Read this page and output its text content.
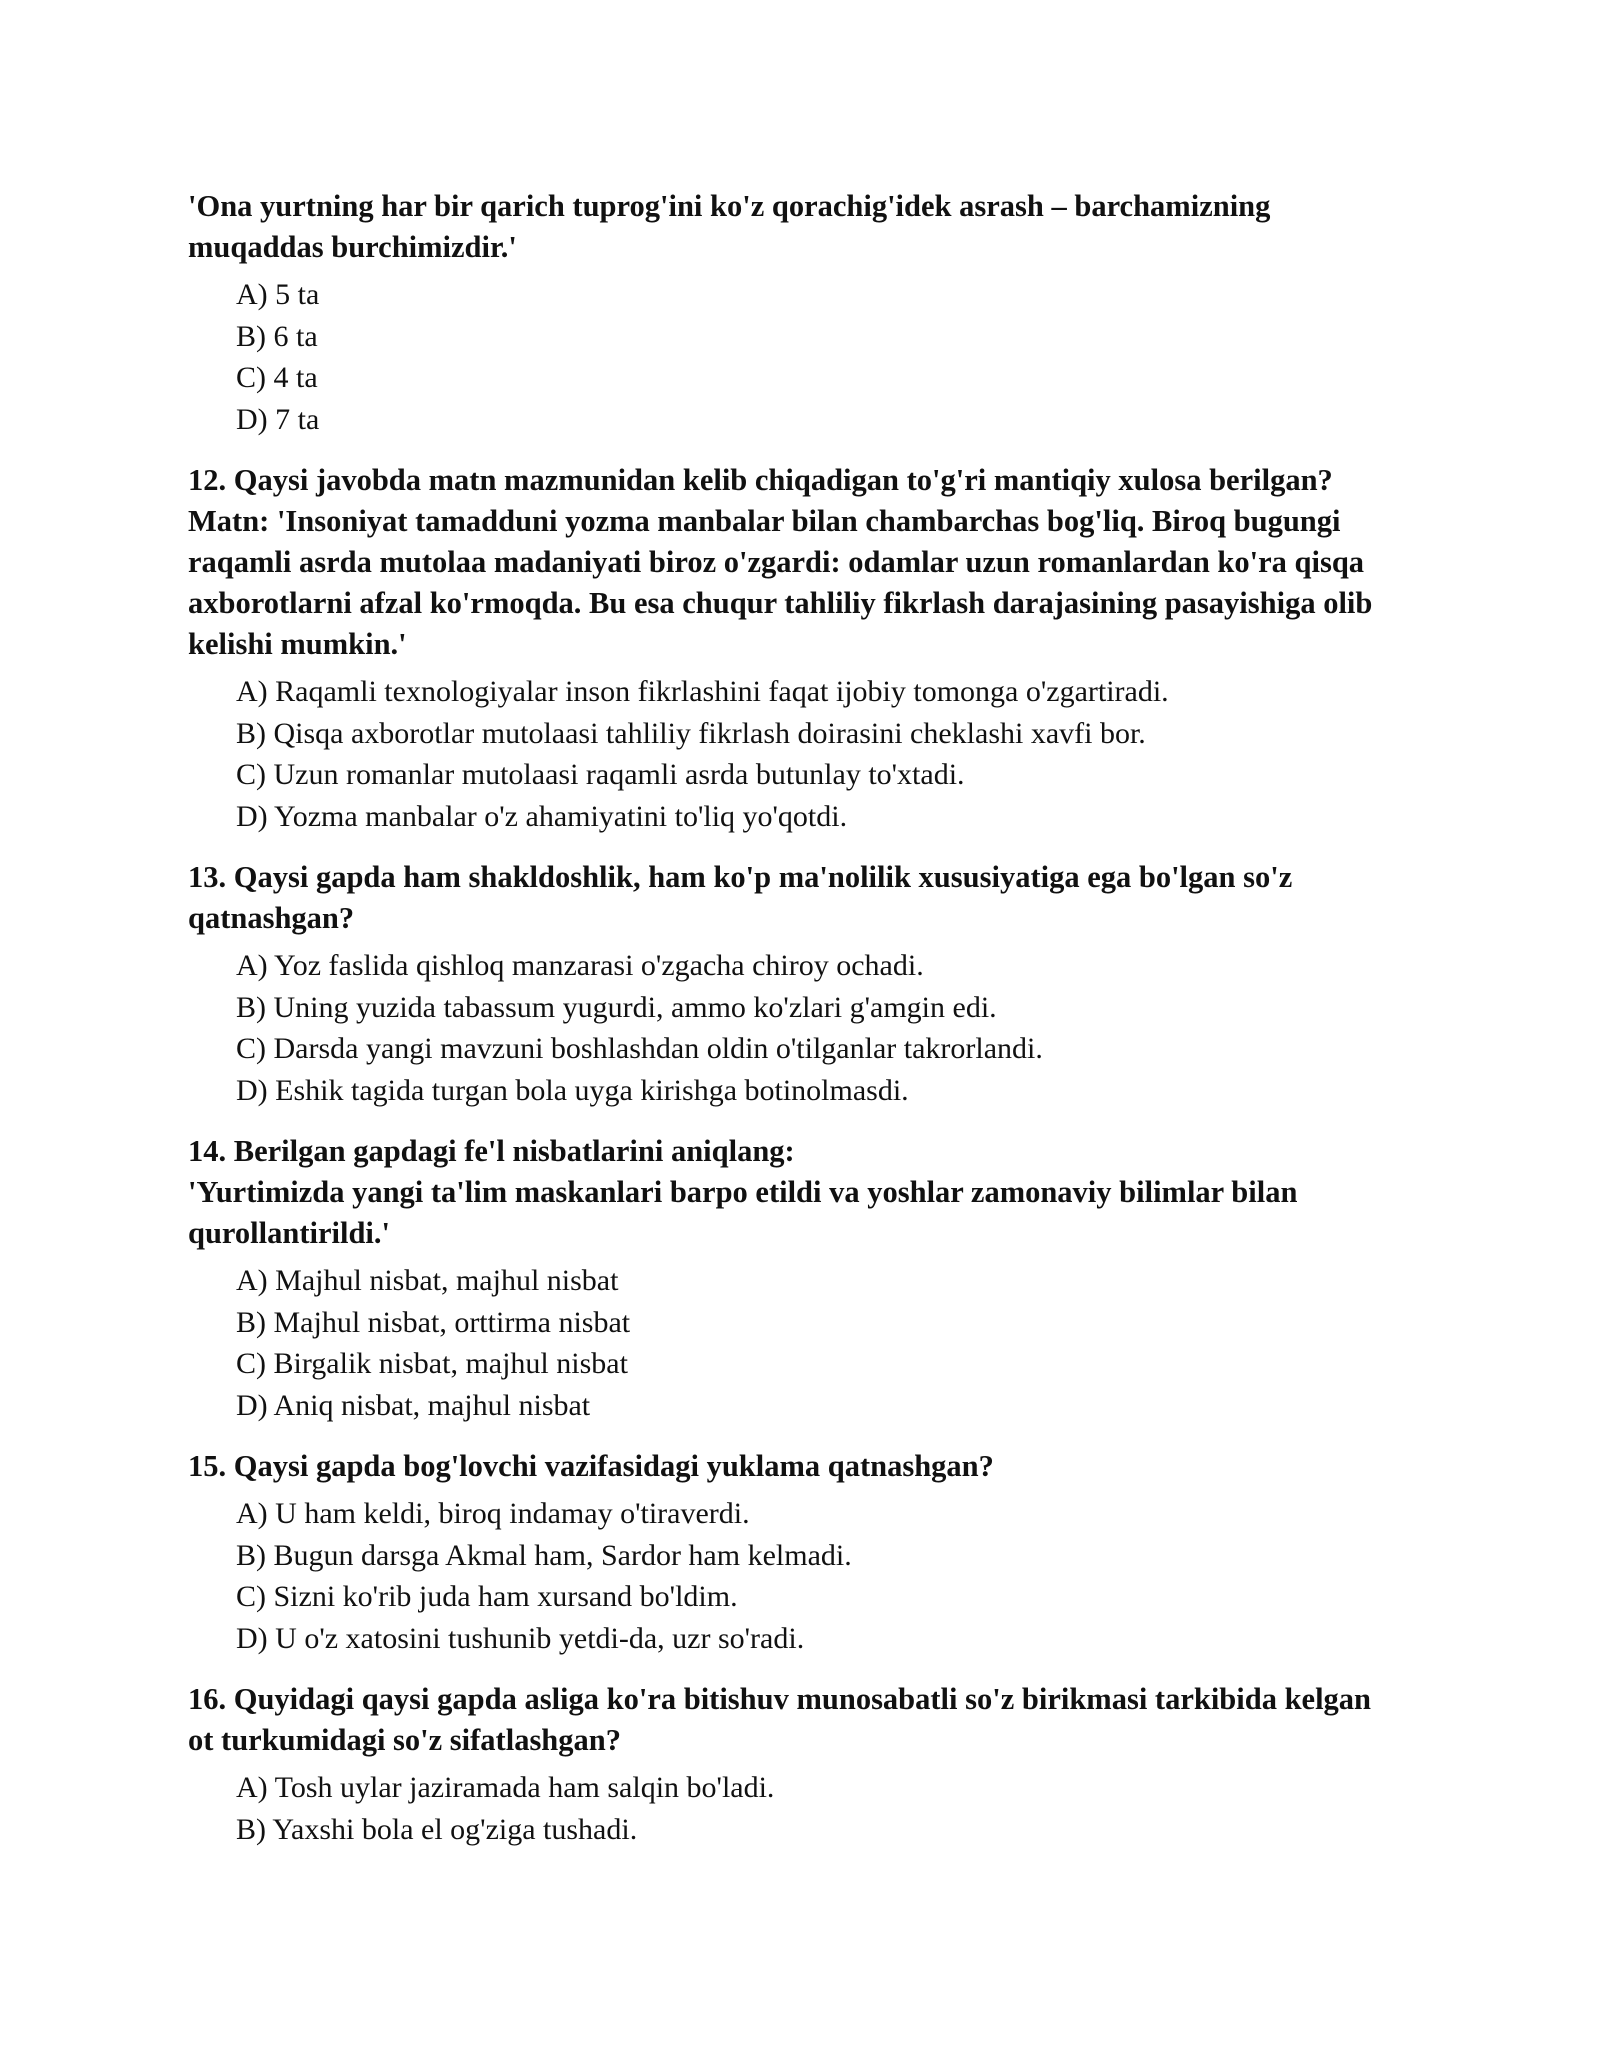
'Ona yurtning har bir qarich tuprog'ini ko'z qorachig'idek asrash – barchamizning
muqaddas burchimizdir.'

A) 5 ta
B) 6 ta
C) 4 ta
D) 7 ta

12. Qaysi javobda matn mazmunidan kelib chiqadigan to'g'ri mantiqiy xulosa berilgan?
Matn: 'Insoniyat tamadduni yozma manbalar bilan chambarchas bog'liq. Biroq bugungi
raqamli asrda mutolaa madaniyati biroz o'zgardi: odamlar uzun romanlardan ko'ra qisqa
axborotlarni afzal ko'rmoqda. Bu esa chuqur tahliliy fikrlash darajasining pasayishiga olib
kelishi mumkin.'

A) Raqamli texnologiyalar inson fikrlashini faqat ijobiy tomonga o'zgartiradi.
B) Qisqa axborotlar mutolaasi tahliliy fikrlash doirasini cheklashi xavfi bor.
C) Uzun romanlar mutolaasi raqamli asrda butunlay to'xtadi.
D) Yozma manbalar o'z ahamiyatini to'liq yo'qotdi.

13. Qaysi gapda ham shakldoshlik, ham ko'p ma'nolilik xususiyatiga ega bo'lgan so'z
qatnashgan?

A) Yoz faslida qishloq manzarasi o'zgacha chiroy ochadi.
B) Uning yuzida tabassum yugurdi, ammo ko'zlari g'amgin edi.
C) Darsda yangi mavzuni boshlashdan oldin o'tilganlar takrorlandi.
D) Eshik tagida turgan bola uyga kirishga botinolmasdi.

14. Berilgan gapdagi fe'l nisbatlarini aniqlang:
'Yurtimizda yangi ta'lim maskanlari barpo etildi va yoshlar zamonaviy bilimlar bilan
qurollantirildi.'

A) Majhul nisbat, majhul nisbat
B) Majhul nisbat, orttirma nisbat
C) Birgalik nisbat, majhul nisbat
D) Aniq nisbat, majhul nisbat

15. Qaysi gapda bog'lovchi vazifasidagi yuklama qatnashgan?

A) U ham keldi, biroq indamay o'tiraverdi.
B) Bugun darsga Akmal ham, Sardor ham kelmadi.
C) Sizni ko'rib juda ham xursand bo'ldim.
D) U o'z xatosini tushunib yetdi-da, uzr so'radi.

16. Quyidagi qaysi gapda asliga ko'ra bitishuv munosabatli so'z birikmasi tarkibida kelgan
ot turkumidagi so'z sifatlashgan?

A) Tosh uylar jaziramada ham salqin bo'ladi.
B) Yaxshi bola el og'ziga tushadi.
